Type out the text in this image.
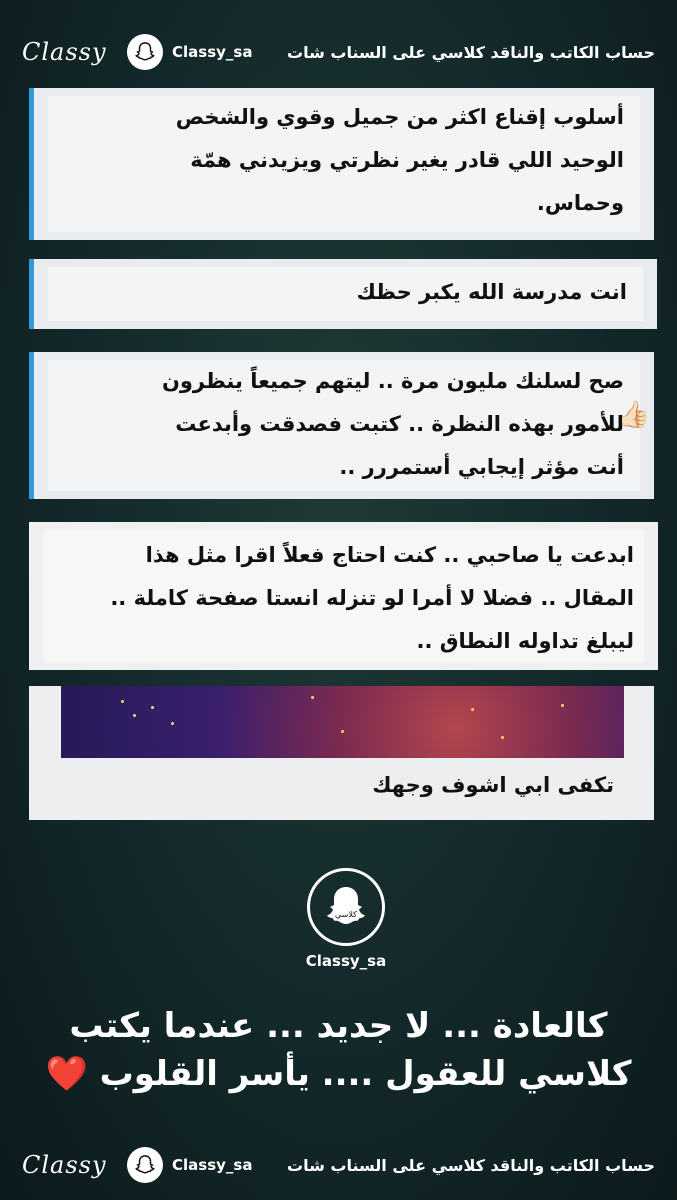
Classy	Classy_sa حساب الكاتب والناقد كلاسي على السناب شات
أسلوب إقناع اكثر من جميل وقوي والشخص
الوحيد اللي قادر يغير نظرتي ويزيدني همّة
وحماس.
انت مدرسة الله يكبر حظك
صح لسلنك مليون مرة .. ليتهم جميعاً ينظرون
للأمور بهذه النظرة .. كتبت فصدقت وأبدعت
أنت مؤثر إيجابي أستمررر ..
👍🏻
ابدعت يا صاحبي .. كنت احتاج فعلاً اقرا مثل هذا
المقال .. فضلا لا أمرا لو تنزله انستا صفحة كاملة ..
ليبلغ تداوله النطاق ..
تكفى ابي اشوف وجهك
كلاسي
Classy_sa
كالعادة ... لا جديد ... عندما يكتب
كلاسي للعقول .... يأسر القلوب ❤️
Classy	Classy_sa حساب الكاتب والناقد كلاسي على السناب شات
